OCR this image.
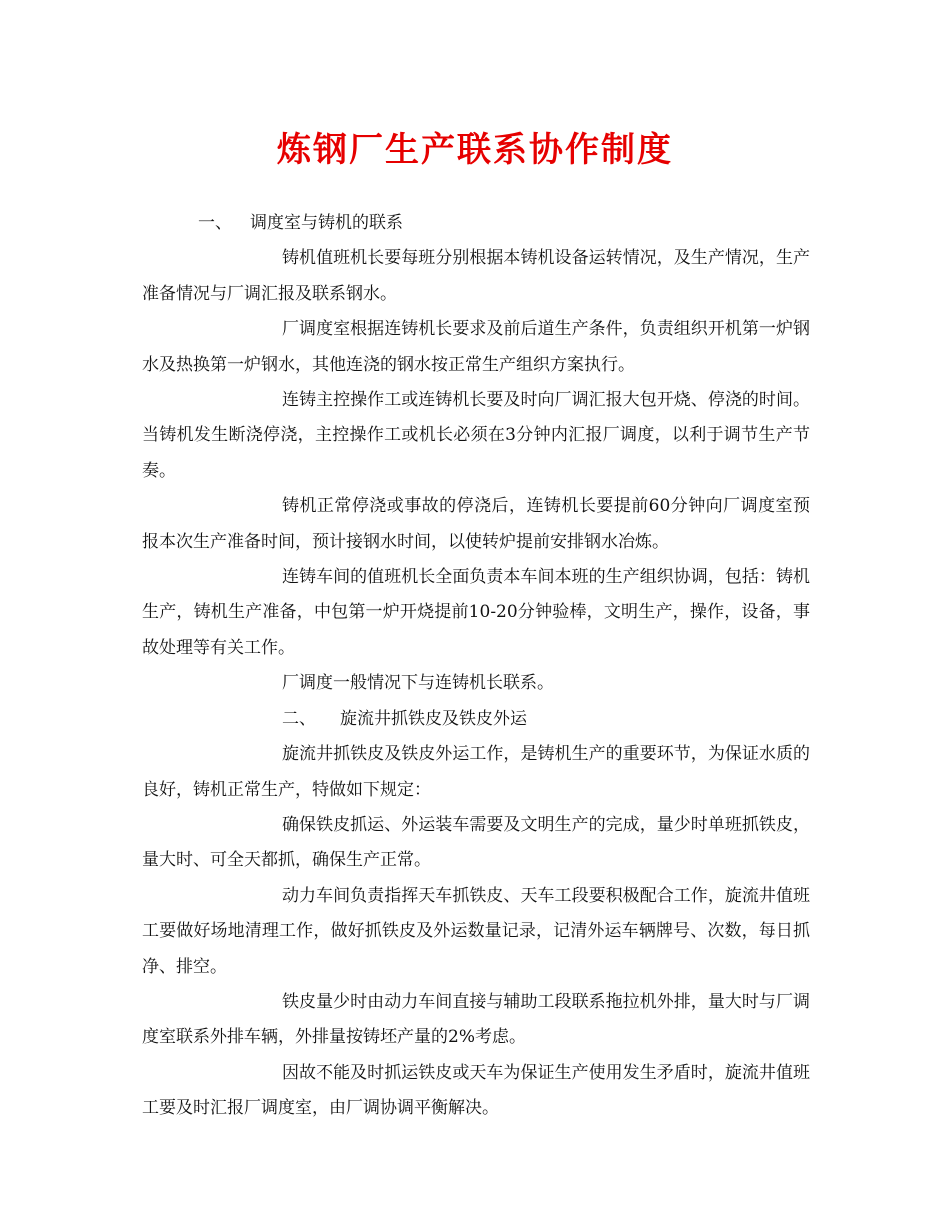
炼钢厂生产联系协作制度

一、 调度室与铸机的联系

铸机值班机长要每班分别根据本铸机设备运转情况，及生产情况，生产准备情况与厂调汇报及联系钢水。

厂调度室根据连铸机长要求及前后道生产条件，负责组织开机第一炉钢水及热换第一炉钢水，其他连浇的钢水按正常生产组织方案执行。

连铸主控操作工或连铸机长要及时向厂调汇报大包开烧、停浇的时间。当铸机发生断浇停浇，主控操作工或机长必须在3分钟内汇报厂调度，以利于调节生产节奏。

铸机正常停浇或事故的停浇后，连铸机长要提前60分钟向厂调度室预报本次生产准备时间，预计接钢水时间，以使转炉提前安排钢水冶炼。

连铸车间的值班机长全面负责本车间本班的生产组织协调，包括：铸机生产，铸机生产准备，中包第一炉开烧提前10-20分钟验棒，文明生产，操作，设备，事故处理等有关工作。

厂调度一般情况下与连铸机长联系。

二、 旋流井抓铁皮及铁皮外运

旋流井抓铁皮及铁皮外运工作，是铸机生产的重要环节，为保证水质的良好，铸机正常生产，特做如下规定：

确保铁皮抓运、外运装车需要及文明生产的完成，量少时单班抓铁皮，量大时、可全天都抓，确保生产正常。

动力车间负责指挥天车抓铁皮、天车工段要积极配合工作，旋流井值班工要做好场地清理工作，做好抓铁皮及外运数量记录，记清外运车辆牌号、次数，每日抓净、排空。

铁皮量少时由动力车间直接与辅助工段联系拖拉机外排，量大时与厂调度室联系外排车辆，外排量按铸坯产量的2%考虑。

因故不能及时抓运铁皮或天车为保证生产使用发生矛盾时，旋流井值班工要及时汇报厂调度室，由厂调协调平衡解决。
